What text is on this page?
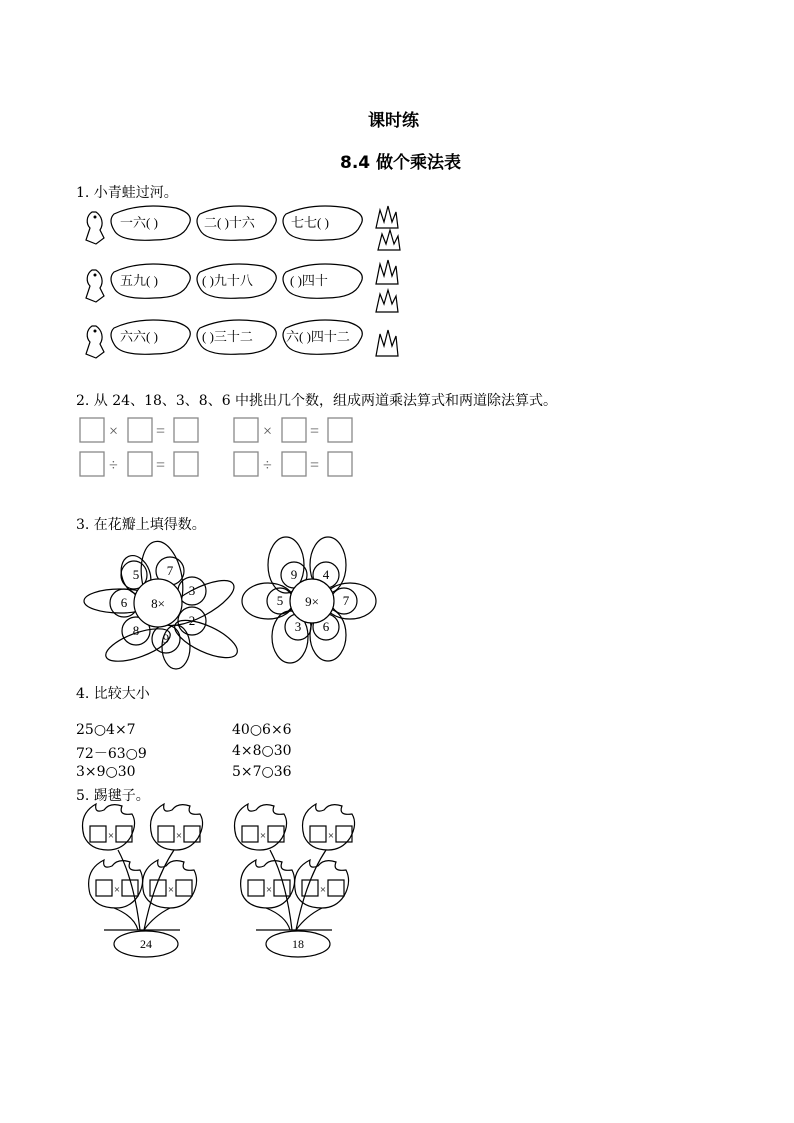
课时练
8.4 做个乘法表
1. 小青蛙过河。
一六( )	二( )十六	七七( )
五九( )	( )九十八	( )四十
六六( )	( )三十二	六( )四十二
2. 从 24、18、3、8、6 中挑出几个数，组成两道乘法算式和两道除法算式。
× =	× =
÷ =	÷ =
3. 在花瓣上填得数。
8×
5 7
3
2
9
8
6	9×
9 4
7
6
3
5
4. 比较大小
25○4×7	40○6×6
72－63○9	4×8○30
3×9○30	5×7○36
5. 踢毽子。
×	×
×	×
×	×
×	×
24	18
